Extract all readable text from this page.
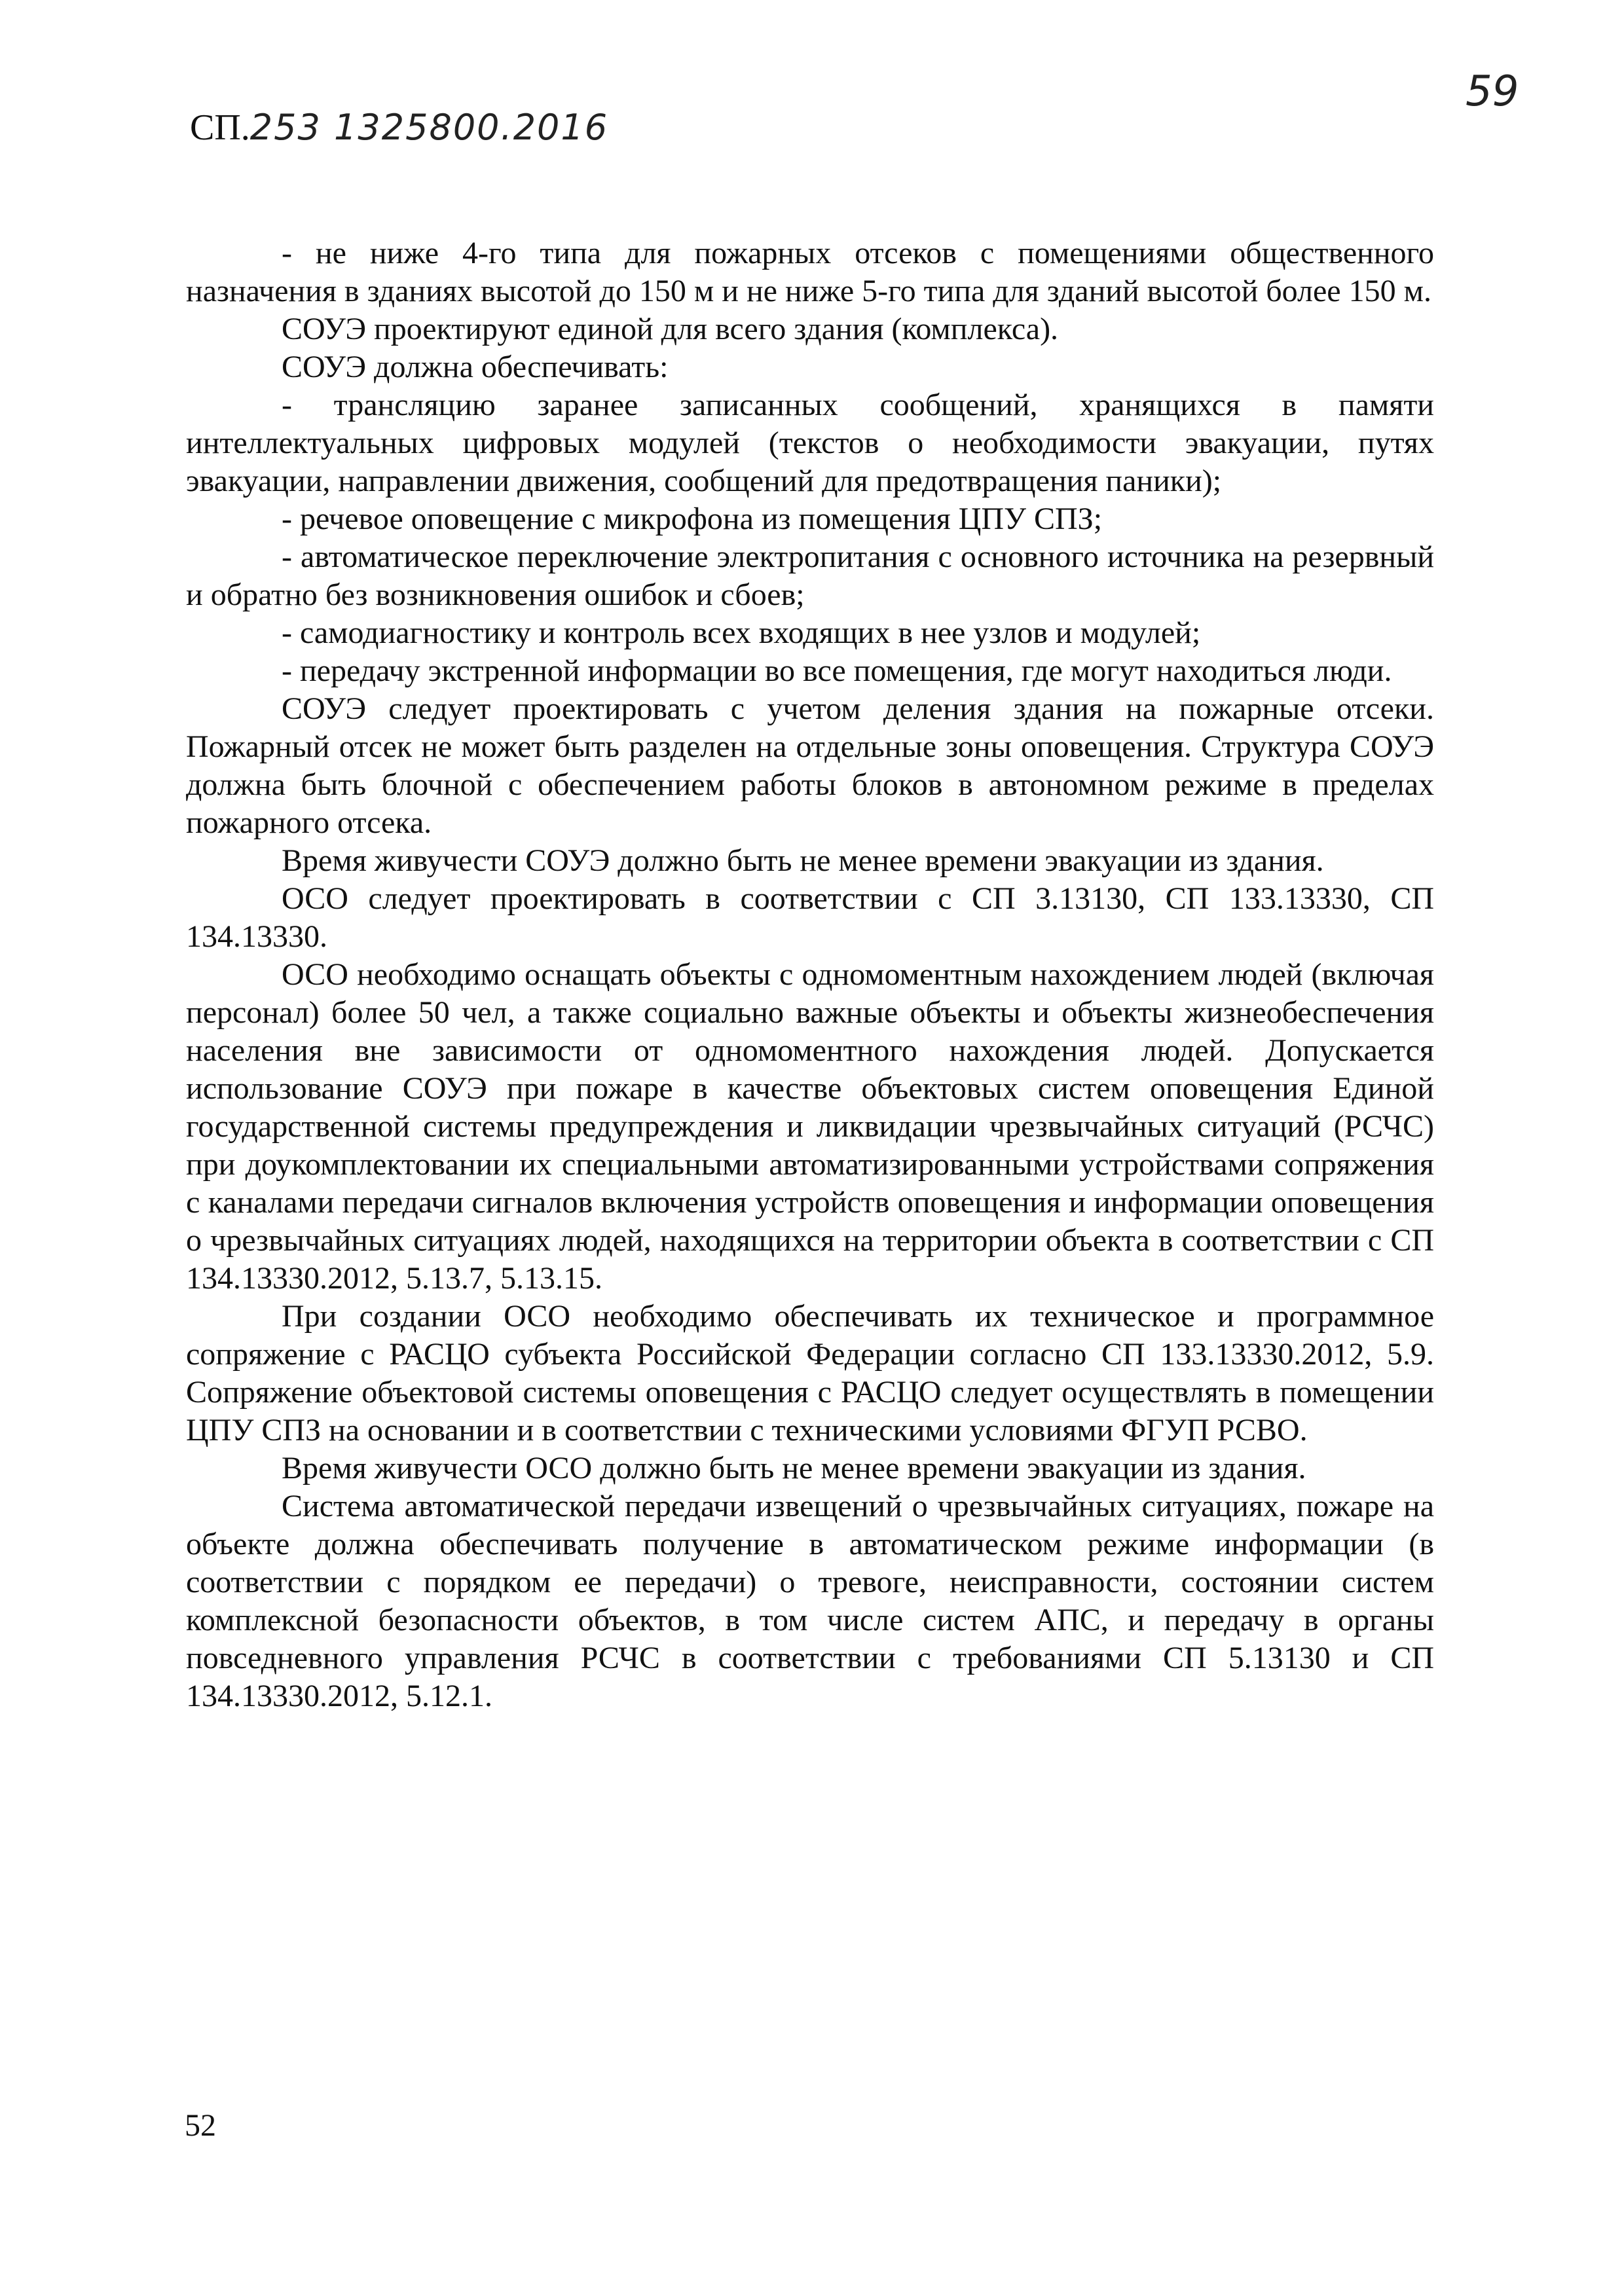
СП.253 1325800.2016
59

- не ниже 4-го типа для пожарных отсеков с помещениями общественного назначения в зданиях высотой до 150 м и не ниже 5-го типа для зданий высотой более 150 м.

СОУЭ проектируют единой для всего здания (комплекса).

СОУЭ должна обеспечивать:

- трансляцию заранее записанных сообщений, хранящихся в памяти интеллектуальных цифровых модулей (текстов о необходимости эвакуации, путях эвакуации, направлении движения, сообщений для предотвращения паники);

- речевое оповещение с микрофона из помещения ЦПУ СПЗ;

- автоматическое переключение электропитания с основного источника на резервный и обратно без возникновения ошибок и сбоев;

- самодиагностику и контроль всех входящих в нее узлов и модулей;

- передачу экстренной информации во все помещения, где могут находиться люди.

СОУЭ следует проектировать с учетом деления здания на пожарные отсеки. Пожарный отсек не может быть разделен на отдельные зоны оповещения. Структура СОУЭ должна быть блочной с обеспечением работы блоков в автономном режиме в пределах пожарного отсека.

Время живучести СОУЭ должно быть не менее времени эвакуации из здания.

ОСО следует проектировать в соответствии с СП 3.13130, СП 133.13330, СП 134.13330.

ОСО необходимо оснащать объекты с одномоментным нахождением людей (включая персонал) более 50 чел, а также социально важные объекты и объекты жизнеобеспечения населения вне зависимости от одномоментного нахождения людей. Допускается использование СОУЭ при пожаре в качестве объектовых систем оповещения Единой государственной системы предупреждения и ликвидации чрезвычайных ситуаций (РСЧС) при доукомплектовании их специальными автоматизированными устройствами сопряжения с каналами передачи сигналов включения устройств оповещения и информации оповещения о чрезвычайных ситуациях людей, находящихся на территории объекта в соответствии с СП 134.13330.2012, 5.13.7, 5.13.15.

При создании ОСО необходимо обеспечивать их техническое и программное сопряжение с РАСЦО субъекта Российской Федерации согласно СП 133.13330.2012, 5.9. Сопряжение объектовой системы оповещения с РАСЦО следует осуществлять в помещении ЦПУ СПЗ на основании и в соответствии с техническими условиями ФГУП РСВО.

Время живучести ОСО должно быть не менее времени эвакуации из здания.

Система автоматической передачи извещений о чрезвычайных ситуациях, пожаре на объекте должна обеспечивать получение в автоматическом режиме информации (в соответствии с порядком ее передачи) о тревоге, неисправности, состоянии систем комплексной безопасности объектов, в том числе систем АПС, и передачу в органы повседневного управления РСЧС в соответствии с требованиями СП 5.13130 и СП 134.13330.2012, 5.12.1.

52
